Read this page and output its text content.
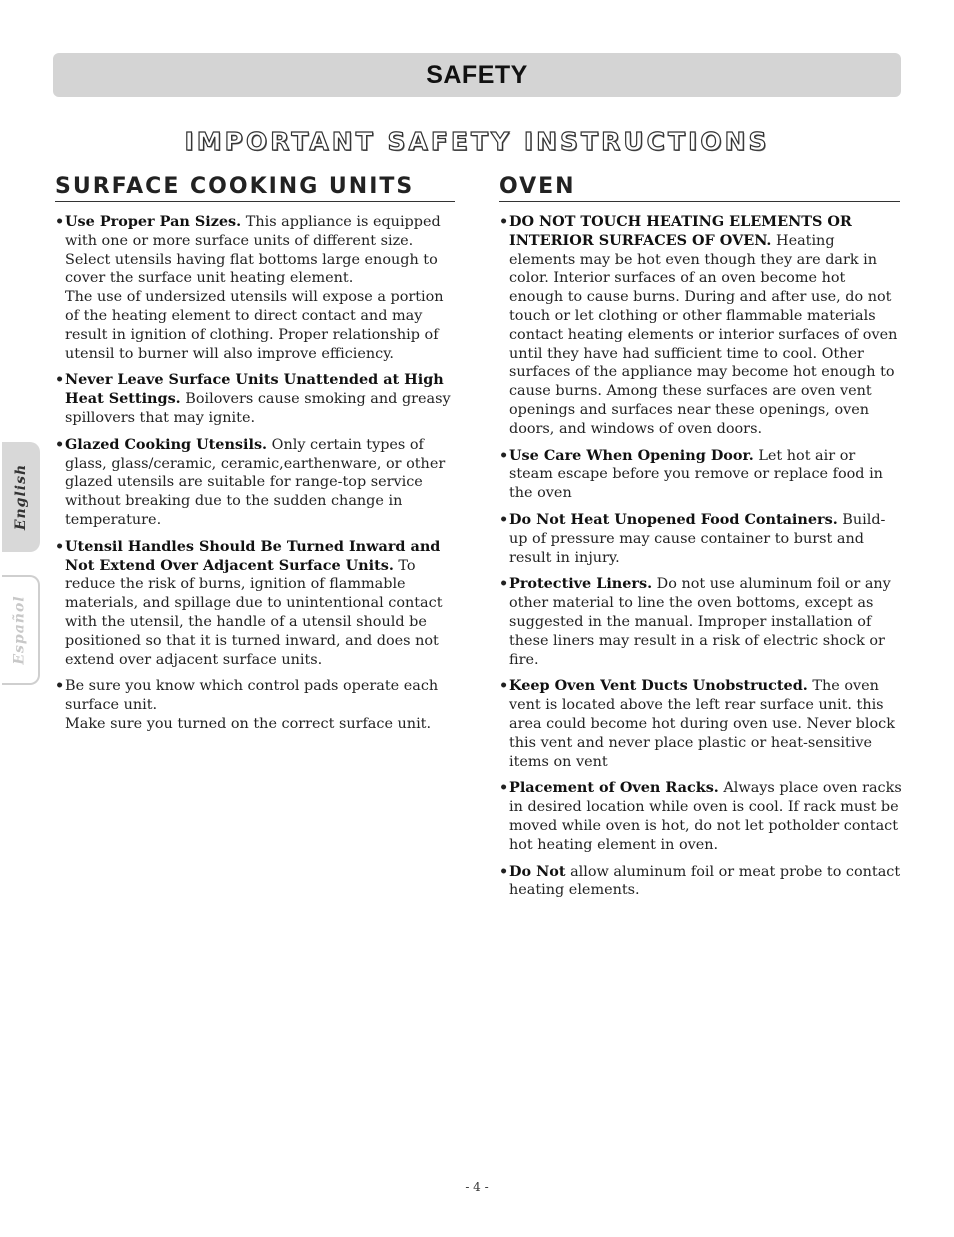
SAFETY
IMPORTANT SAFETY INSTRUCTIONS
SURFACE COOKING UNITS	OVEN
• Use Proper Pan Sizes. This appliance is equipped with one or more surface units of different size. Select utensils having flat bottoms large enough to cover the surface unit heating element.
The use of undersized utensils will expose a portion of the heating element to direct contact and may result in ignition of clothing. Proper relationship of utensil to burner will also improve efficiency.
• Never Leave Surface Units Unattended at High Heat Settings. Boilovers cause smoking and greasy spillovers that may ignite.
• Glazed Cooking Utensils. Only certain types of glass, glass/ceramic, ceramic,earthenware, or other glazed utensils are suitable for range-top service without breaking due to the sudden change in temperature.
• Utensil Handles Should Be Turned Inward and Not Extend Over Adjacent Surface Units. To reduce the risk of burns, ignition of flammable materials, and spillage due to unintentional contact with the utensil, the handle of a utensil should be positioned so that it is turned inward, and does not extend over adjacent surface units.
• Be sure you know which control pads operate each surface unit.
Make sure you turned on the correct surface unit.
• DO NOT TOUCH HEATING ELEMENTS OR INTERIOR SURFACES OF OVEN. Heating elements may be hot even though they are dark in color. Interior surfaces of an oven become hot enough to cause burns. During and after use, do not touch or let clothing or other flammable materials contact heating elements or interior surfaces of oven until they have had sufficient time to cool. Other surfaces of the appliance may become hot enough to cause burns. Among these surfaces are oven vent openings and surfaces near these openings, oven doors, and windows of oven doors.
• Use Care When Opening Door. Let hot air or steam escape before you remove or replace food in the oven
• Do Not Heat Unopened Food Containers. Build-up of pressure may cause container to burst and result in injury.
• Protective Liners. Do not use aluminum foil or any other material to line the oven bottoms, except as suggested in the manual. Improper installation of these liners may result in a risk of electric shock or fire.
• Keep Oven Vent Ducts Unobstructed. The oven vent is located above the left rear surface unit. this area could become hot during oven use. Never block this vent and never place plastic or heat-sensitive items on vent
• Placement of Oven Racks. Always place oven racks in desired location while oven is cool. If rack must be moved while oven is hot, do not let potholder contact hot heating element in oven.
• Do Not allow aluminum foil or meat probe to contact heating elements.
English
Español
- 4 -
